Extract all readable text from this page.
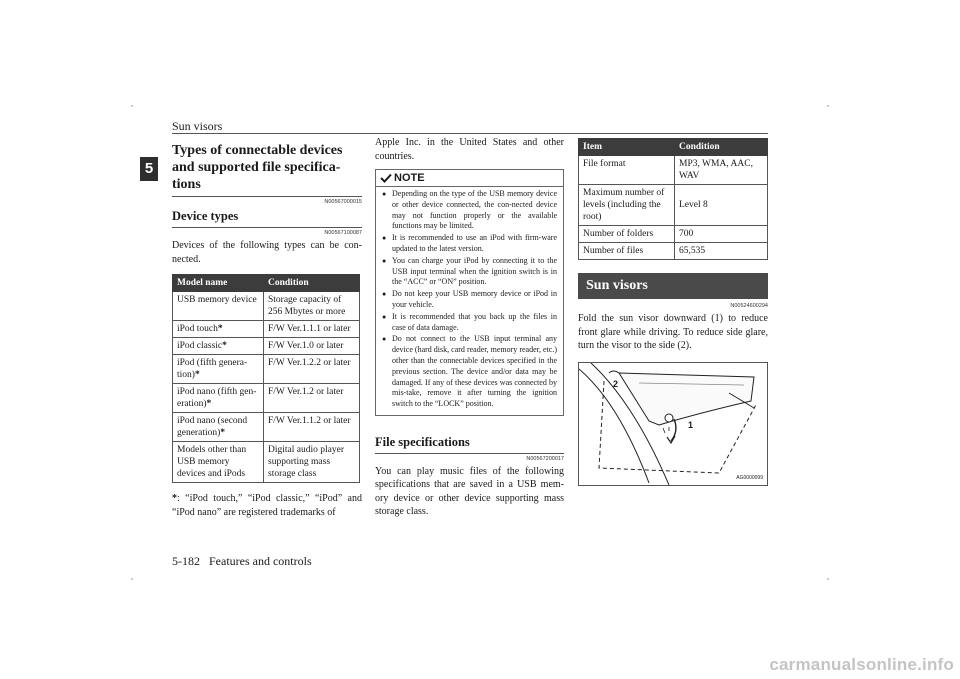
Sun visors
5
Types of connectable devices and supported file specifica-tions
N00567000015
Device types
N00567100087
Devices of the following types can be con-nected.
Model name	Condition
USB memory device	Storage capacity of 256 Mbytes or more
iPod touch*	F/W Ver.1.1.1 or later
iPod classic*	F/W Ver.1.0 or later
iPod (fifth genera-tion)*	F/W Ver.1.2.2 or later
iPod nano (fifth gen-eration)*	F/W Ver.1.2 or later
iPod nano (second generation)*	F/W Ver.1.1.2 or later
Models other than USB memory devices and iPods	Digital audio player supporting mass storage class
*: “iPod touch,” “iPod classic,” “iPod” and “iPod nano” are registered trademarks of
Apple Inc. in the United States and other countries.
NOTE
● Depending on the type of the USB memory device or other device connected, the con-nected device may not function properly or the available functions may be limited.
● It is recommended to use an iPod with firm-ware updated to the latest version.
● You can charge your iPod by connecting it to the USB input terminal when the ignition switch is in the “ACC” or “ON” position.
● Do not keep your USB memory device or iPod in your vehicle.
● It is recommended that you back up the files in case of data damage.
● Do not connect to the USB input terminal any device (hard disk, card reader, memory reader, etc.) other than the connectable devices specified in the previous section. The device and/or data may be damaged. If any of these devices was connected by mis-take, remove it after turning the ignition switch to the “LOCK” position.
File specifications
N00567200017
You can play music files of the following specifications that are saved in a USB mem-ory device or other device supporting mass storage class.
Item	Condition
File format	MP3, WMA, AAC, WAV
Maximum number of levels (including the root)	Level 8
Number of folders	700
Number of files	65,535
Sun visors
N00524600294
Fold the sun visor downward (1) to reduce front glare while driving. To reduce side glare, turn the visor to the side (2).
2
1
AG0000099
5-182 Features and controls
carmanualsonline.info
